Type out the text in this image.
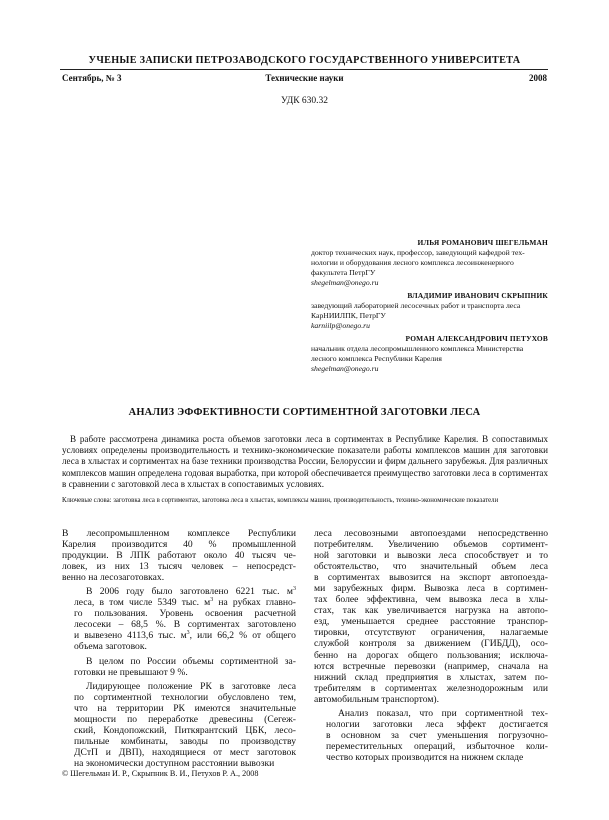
УЧЕНЫЕ ЗАПИСКИ ПЕТРОЗАВОДСКОГО ГОСУДАРСТВЕННОГО УНИВЕРСИТЕТА
Сентябрь, № 3	Технические науки	2008
УДК 630.32
ИЛЬЯ РОМАНОВИЧ ШЕГЕЛЬМАН
доктор технических наук, профессор, заведующий кафедрой тех-
нологии и оборудования лесного комплекса лесоинженерного
факультета ПетрГУ
shegelman@onego.ru
ВЛАДИМИР ИВАНОВИЧ СКРЫПНИК
заведующий лабораторией лесосечных работ и транспорта леса
КарНИИЛПК, ПетрГУ
karniilp@onego.ru
РОМАН АЛЕКСАНДРОВИЧ ПЕТУХОВ
начальник отдела лесопромышленного комплекса Министерства
лесного комплекса Республики Карелия
shegelman@onego.ru
АНАЛИЗ ЭФФЕКТИВНОСТИ СОРТИМЕНТНОЙ ЗАГОТОВКИ ЛЕСА

В работе рассмотрена динамика роста объемов заготовки леса в сортиментах в Республике Карелия. В сопоставимых условиях определены производительность и технико-экономические показатели работы комплексов машин для заготовки леса в хлыстах и сортиментах на базе техники производства России, Белоруссии и фирм дальнего зарубежья. Для различных комплексов машин определена годовая выработка, при которой обеспечивается преимущество заготовки леса в сортиментах в сравнении с заготовкой леса в хлыстах в сопоставимых условиях.

Ключевые слова: заготовка леса в сортиментах, заготовка леса в хлыстах, комплексы машин, производительность, технико-экономические показатели
В лесопромышленном комплексе Республики
Карелия производится 40 % промышленной
продукции. В ЛПК работают около 40 тысяч че-
ловек, из них 13 тысяч человек – непосредст-
венно на лесозаготовках.
В 2006 году было заготовлено 6221 тыс. $м^3$
леса, в том числе 5349 тыс. $м^3$ на рубках главно-
го пользования. Уровень освоения расчетной
лесосеки – 68,5 %. В сортиментах заготовлено
и вывезено 4113,6 тыс. $м^3$, или 66,2 % от общего
объема заготовок.
В целом по России объемы сортиментной за-
готовки не превышают 9 %.
Лидирующее положение РК в заготовке леса
по сортиментной технологии обусловлено тем,
что на территории РК имеются значительные
мощности по переработке древесины (Сегеж-
ский, Кондопожский, Питкярантский ЦБК, лесо-
пильные комбинаты, заводы по производству
ДСтП и ДВП), находящиеся от мест заготовок
на экономически доступном расстоянии вывозки
леса лесовозными автопоездами непосредственно
потребителям. Увеличению объемов сортимент-
ной заготовки и вывозки леса способствует и то
обстоятельство, что значительный объем леса
в сортиментах вывозится на экспорт автопоезда-
ми зарубежных фирм. Вывозка леса в сортимен-
тах более эффективна, чем вывозка леса в хлы-
стах, так как увеличивается нагрузка на автопо-
езд, уменьшается среднее расстояние транспор-
тировки, отсутствуют ограничения, налагаемые
службой контроля за движением (ГИБДД), осо-
бенно на дорогах общего пользования; исключа-
ются встречные перевозки (например, сначала на
нижний склад предприятия в хлыстах, затем по-
требителям в сортиментах железнодорожным или
автомобильным транспортом).
Анализ показал, что при сортиментной тех-
нологии заготовки леса эффект достигается
в основном за счет уменьшения погрузочно-
переместительных операций, избыточное коли-
чество которых производится на нижнем складе
© Шегельман И. Р., Скрыпник В. И., Петухов Р. А., 2008
